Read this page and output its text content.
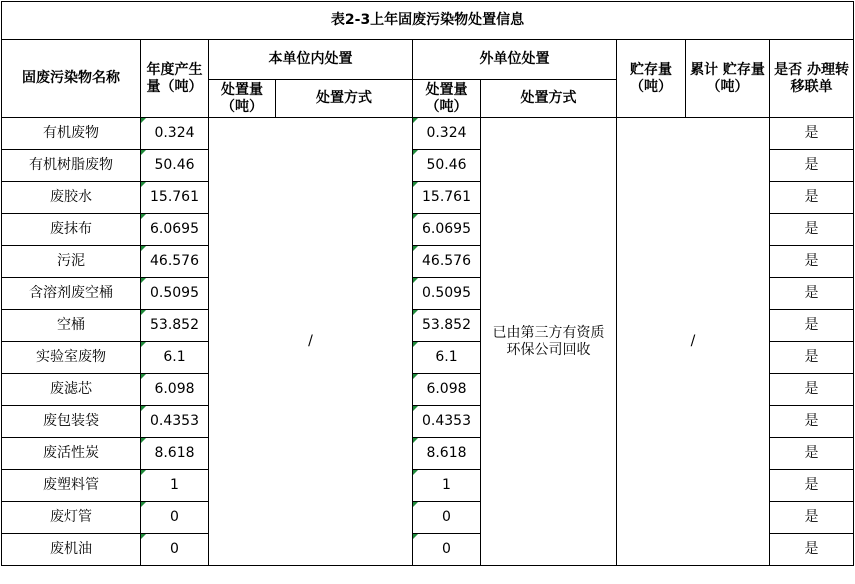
表2-3上年固废污染物处置信息								
固废污染物名称	年度产生量（吨）	本单位内处置		外单位处置		贮存量（吨）	累计 贮存量（吨）	是否 办理转移联单
		处置量（吨）	处置方式	处置量（吨）	处置方式			
有机废物	0.324	/		0.324	已由第三方有资质环保公司回收	/		是
有机树脂废物	50.46			50.46				是
废胶水	15.761			15.761				是
废抹布	6.0695			6.0695				是
污泥	46.576			46.576				是
含溶剂废空桶	0.5095			0.5095				是
空桶	53.852			53.852				是
实验室废物	6.1			6.1				是
废滤芯	6.098			6.098				是
废包装袋	0.4353			0.4353				是
废活性炭	8.618			8.618				是
废塑料管	1			1				是
废灯管	0			0				是
废机油	0			0				是
